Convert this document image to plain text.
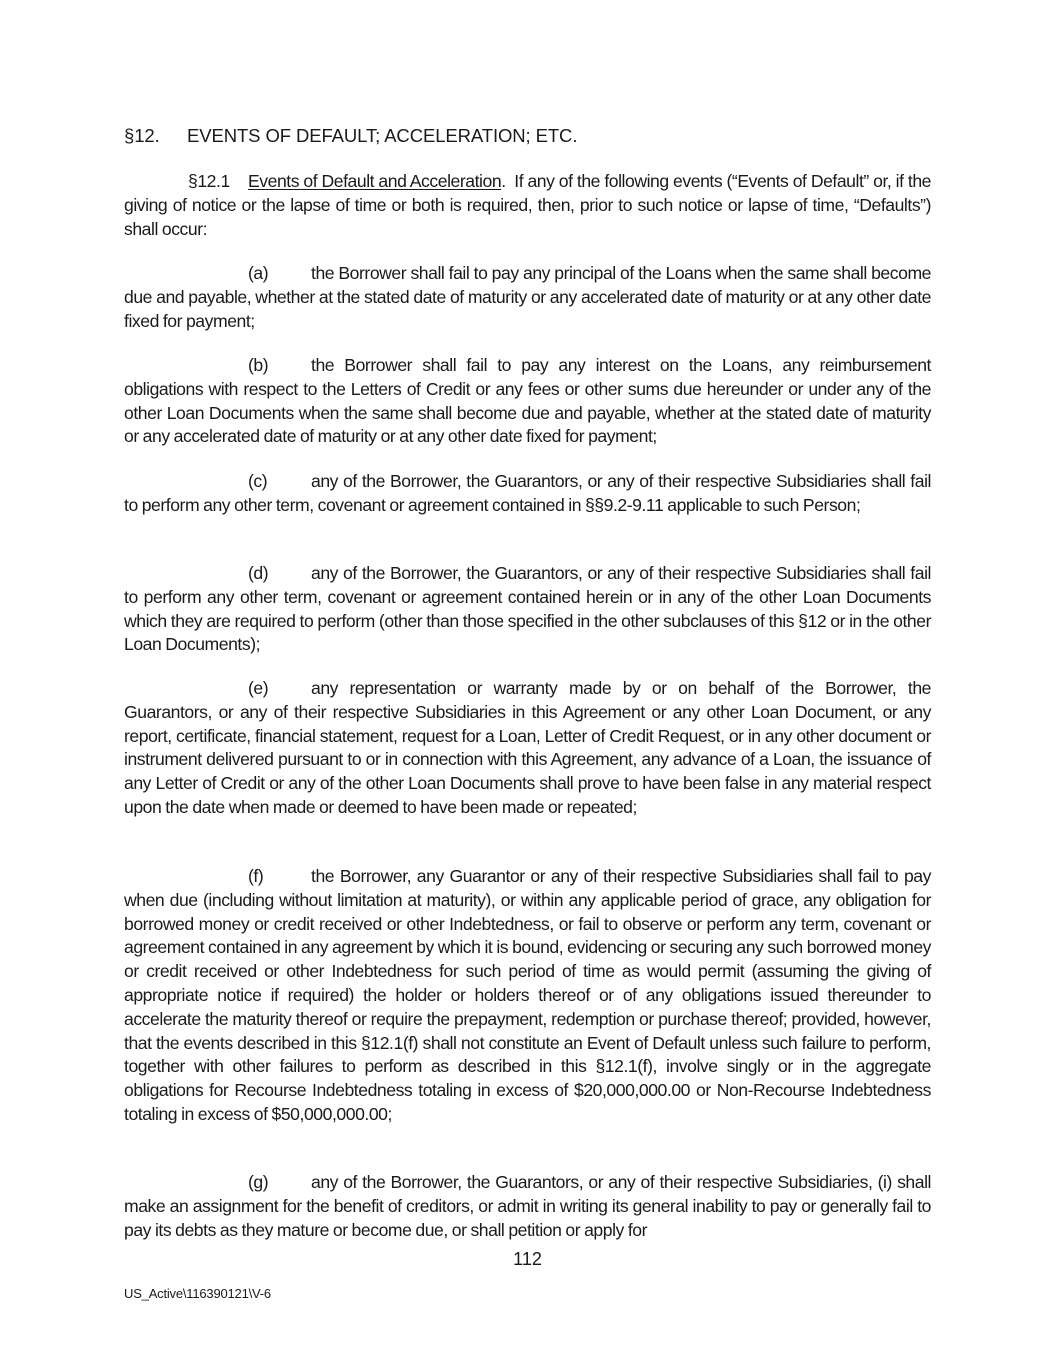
§12. EVENTS OF DEFAULT; ACCELERATION; ETC.
§12.1 Events of Default and Acceleration.  If any of the following events (“Events of Default” or, if the giving of notice or the lapse of time or both is required, then, prior to such notice or lapse of time, “Defaults”) shall occur:
(a) the Borrower shall fail to pay any principal of the Loans when the same shall become due and payable, whether at the stated date of maturity or any accelerated date of maturity or at any other date fixed for payment;
(b) the Borrower shall fail to pay any interest on the Loans, any reimbursement obligations with respect to the Letters of Credit or any fees or other sums due hereunder or under any of the other Loan Documents when the same shall become due and payable, whether at the stated date of maturity or any accelerated date of maturity or at any other date fixed for payment;
(c) any of the Borrower, the Guarantors, or any of their respective Subsidiaries shall fail to perform any other term, covenant or agreement contained in §§9.2-9.11 applicable to such Person;
(d) any of the Borrower, the Guarantors, or any of their respective Subsidiaries shall fail to perform any other term, covenant or agreement contained herein or in any of the other Loan Documents which they are required to perform (other than those specified in the other subclauses of this §12 or in the other Loan Documents);
(e) any representation or warranty made by or on behalf of the Borrower, the Guarantors, or any of their respective Subsidiaries in this Agreement or any other Loan Document, or any report, certificate, financial statement, request for a Loan, Letter of Credit Request, or in any other document or instrument delivered pursuant to or in connection with this Agreement, any advance of a Loan, the issuance of any Letter of Credit or any of the other Loan Documents shall prove to have been false in any material respect upon the date when made or deemed to have been made or repeated;
(f)	the Borrower, any Guarantor or any of their respective Subsidiaries shall fail to pay when due (including without limitation at maturity), or within any applicable period of grace, any obligation for borrowed money or credit received or other Indebtedness, or fail to observe or perform any term, covenant or agreement contained in any agreement by which it is bound, evidencing or securing any such borrowed money or credit received or other Indebtedness for such period of time as would permit (assuming the giving of appropriate notice if required) the holder or holders thereof or of any obligations issued thereunder to accelerate the maturity thereof or require the prepayment, redemption or purchase thereof; provided, however, that the events described in this §12.1(f) shall not constitute an Event of Default unless such failure to perform, together with other failures to perform as described in this §12.1(f), involve singly or in the aggregate obligations for Recourse Indebtedness totaling in excess of $20,000,000.00 or Non-Recourse Indebtedness totaling in excess of $50,000,000.00;
(g) any of the Borrower, the Guarantors, or any of their respective Subsidiaries, (i) shall make an assignment for the benefit of creditors, or admit in writing its general inability to pay or generally fail to pay its debts as they mature or become due, or shall petition or apply for
112
US_Active\116390121\V-6
